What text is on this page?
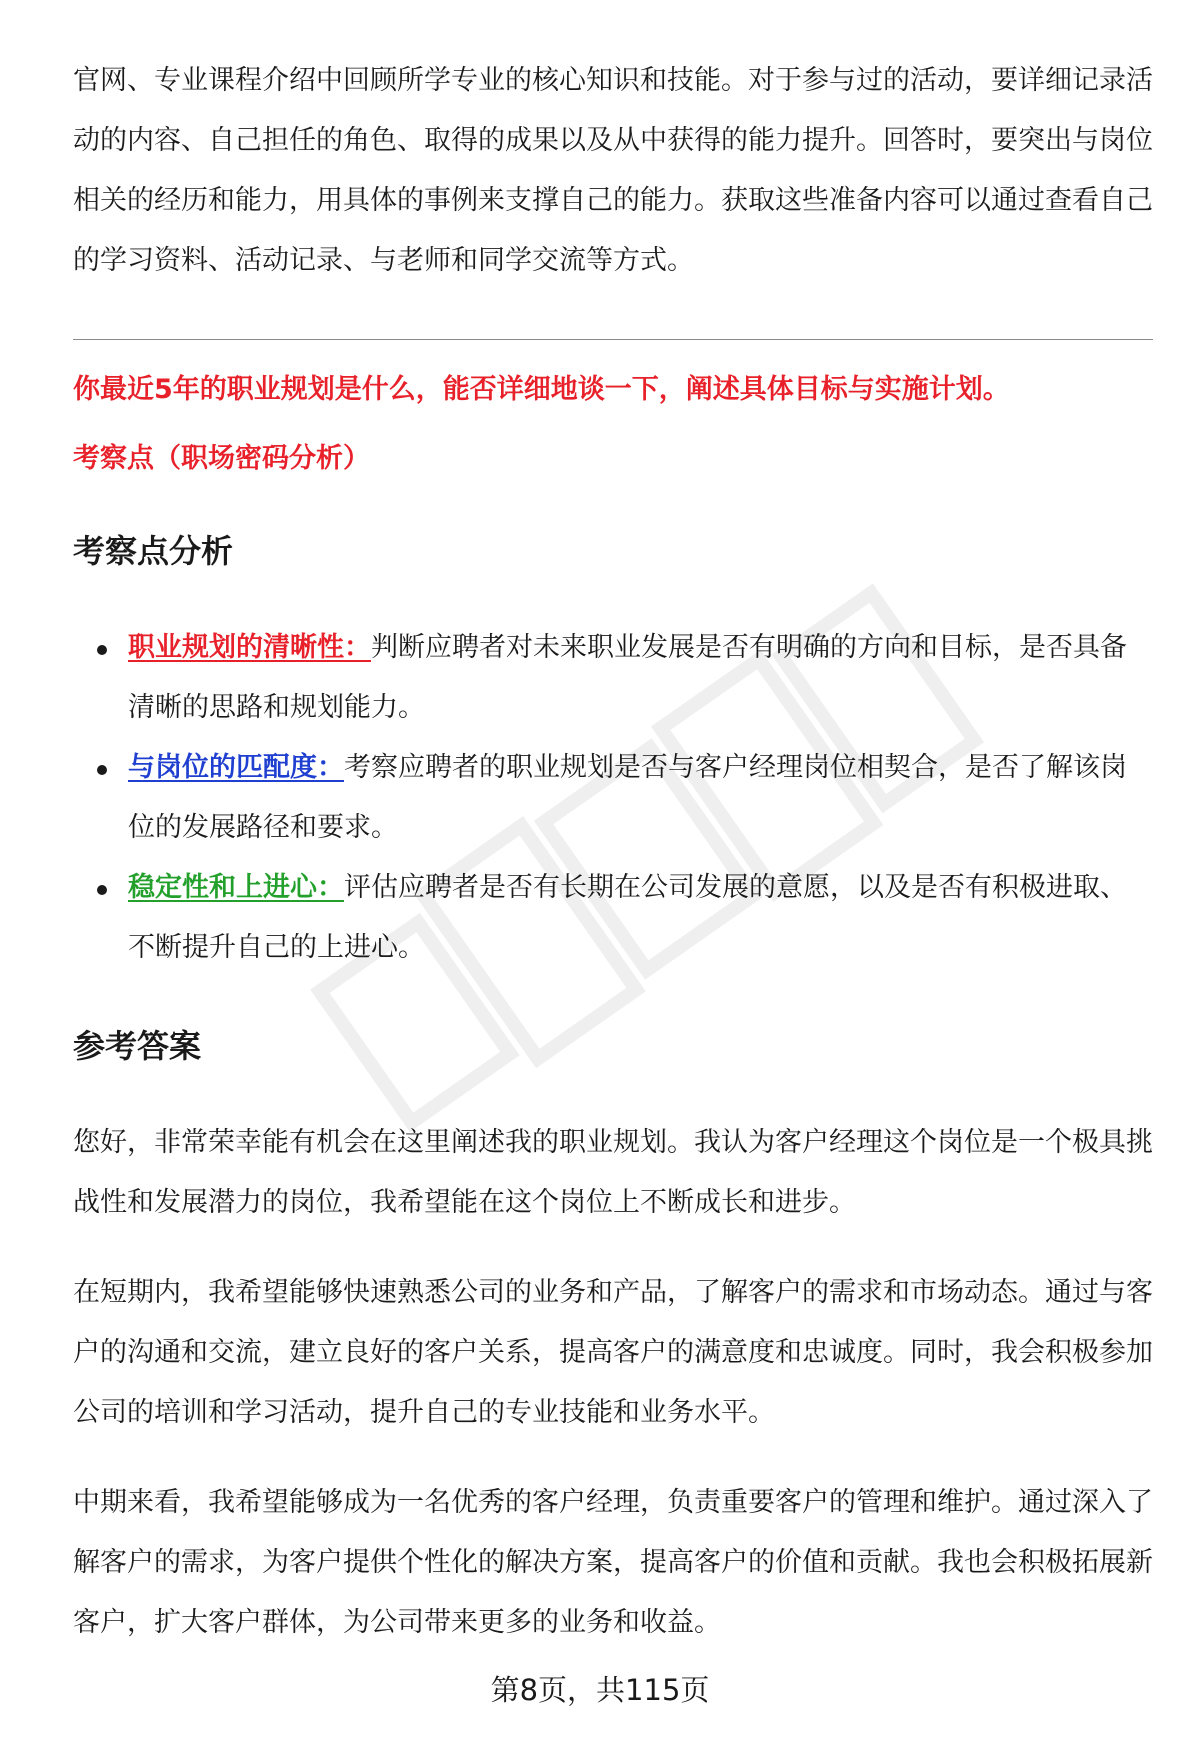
官网、专业课程介绍中回顾所学专业的核心知识和技能。对于参与过的活动，要详细记录活动的内容、自己担任的角色、取得的成果以及从中获得的能力提升。回答时，要突出与岗位相关的经历和能力，用具体的事例来支撑自己的能力。获取这些准备内容可以通过查看自己的学习资料、活动记录、与老师和同学交流等方式。

你最近5年的职业规划是什么，能否详细地谈一下，阐述具体目标与实施计划。

考察点（职场密码分析）

考察点分析
职业规划的清晰性：判断应聘者对未来职业发展是否有明确的方向和目标，是否具备清晰的思路和规划能力。
与岗位的匹配度：考察应聘者的职业规划是否与客户经理岗位相契合，是否了解该岗位的发展路径和要求。
稳定性和上进心：评估应聘者是否有长期在公司发展的意愿，以及是否有积极进取、不断提升自己的上进心。
参考答案

您好，非常荣幸能有机会在这里阐述我的职业规划。我认为客户经理这个岗位是一个极具挑战性和发展潜力的岗位，我希望能在这个岗位上不断成长和进步。

在短期内，我希望能够快速熟悉公司的业务和产品，了解客户的需求和市场动态。通过与客户的沟通和交流，建立良好的客户关系，提高客户的满意度和忠诚度。同时，我会积极参加公司的培训和学习活动，提升自己的专业技能和业务水平。

中期来看，我希望能够成为一名优秀的客户经理，负责重要客户的管理和维护。通过深入了解客户的需求，为客户提供个性化的解决方案，提高客户的价值和贡献。我也会积极拓展新客户，扩大客户群体，为公司带来更多的业务和收益。

第8页，共115页
